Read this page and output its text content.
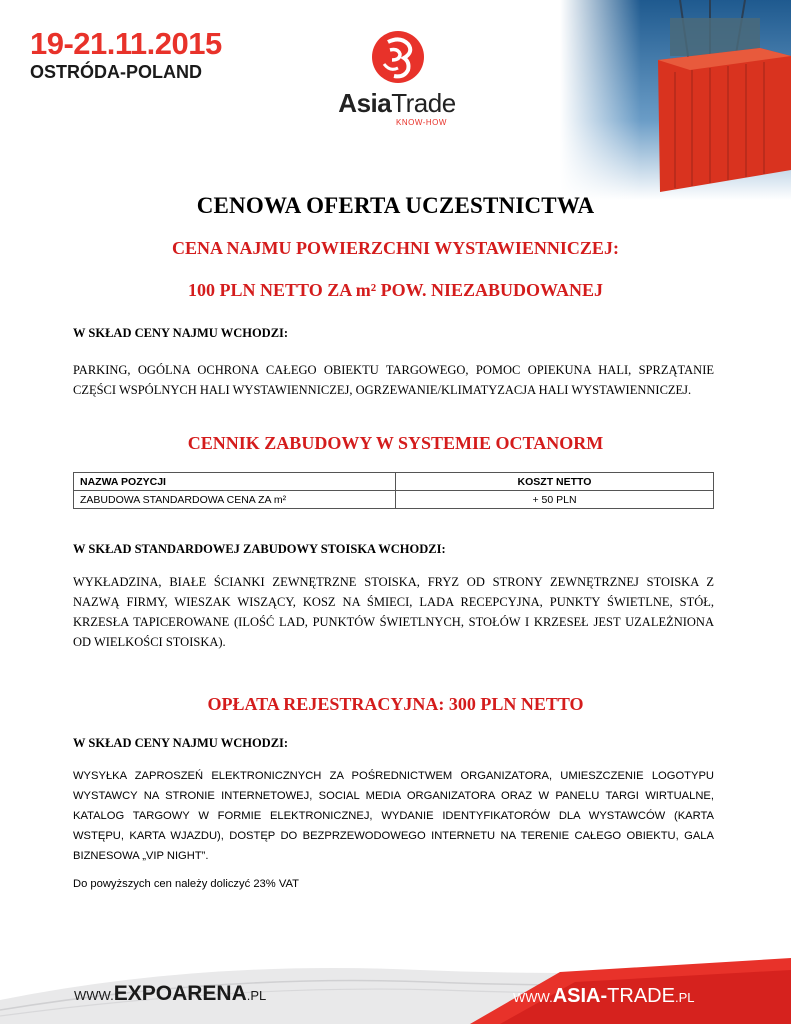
19-21.11.2015
OSTRÓDA-POLAND
AsiaTrade
KNOW-HOW
CENOWA OFERTA UCZESTNICTWA
CENA NAJMU POWIERZCHNI WYSTAWIENNICZEJ:
100 PLN NETTO ZA m² POW. NIEZABUDOWANEJ
W SKŁAD CENY NAJMU WCHODZI:
PARKING, OGÓLNA OCHRONA CAŁEGO OBIEKTU TARGOWEGO, POMOC OPIEKUNA HALI, SPRZĄTANIE CZĘŚCI WSPÓLNYCH HALI WYSTAWIENNICZEJ, OGRZEWANIE/KLIMATYZACJA HALI WYSTAWIENNICZEJ.
CENNIK ZABUDOWY W SYSTEMIE OCTANORM
NAZWA POZYCJI	KOSZT NETTO
ZABUDOWA STANDARDOWA CENA ZA m²	+ 50 PLN
W SKŁAD STANDARDOWEJ ZABUDOWY STOISKA WCHODZI:
WYKŁADZINA, BIAŁE ŚCIANKI ZEWNĘTRZNE STOISKA, FRYZ OD STRONY ZEWNĘTRZNEJ STOISKA Z NAZWĄ FIRMY, WIESZAK WISZĄCY, KOSZ NA ŚMIECI, LADA RECEPCYJNA, PUNKTY ŚWIETLNE, STÓŁ, KRZESŁA TAPICEROWANE (ILOŚĆ LAD, PUNKTÓW ŚWIETLNYCH, STOŁÓW I KRZESEŁ JEST UZALEŻNIONA OD WIELKOŚCI STOISKA).
OPŁATA REJESTRACYJNA: 300 PLN NETTO
W SKŁAD CENY NAJMU WCHODZI:
WYSYŁKA ZAPROSZEŃ ELEKTRONICZNYCH ZA POŚREDNICTWEM ORGANIZATORA, UMIESZCZENIE LOGOTYPU WYSTAWCY NA STRONIE INTERNETOWEJ, SOCIAL MEDIA ORGANIZATORA ORAZ W PANELU TARGI WIRTUALNE, KATALOG TARGOWY W FORMIE ELEKTRONICZNEJ, WYDANIE IDENTYFIKATORÓW DLA WYSTAWCÓW (KARTA WSTĘPU, KARTA WJAZDU), DOSTĘP DO BEZPRZEWODOWEGO INTERNETU NA TERENIE CAŁEGO OBIEKTU, GALA BIZNESOWA „VIP NIGHT”.
Do powyższych cen należy doliczyć 23% VAT
WWW.EXPOARENA.PL	WWW.ASIA-TRADE.PL
